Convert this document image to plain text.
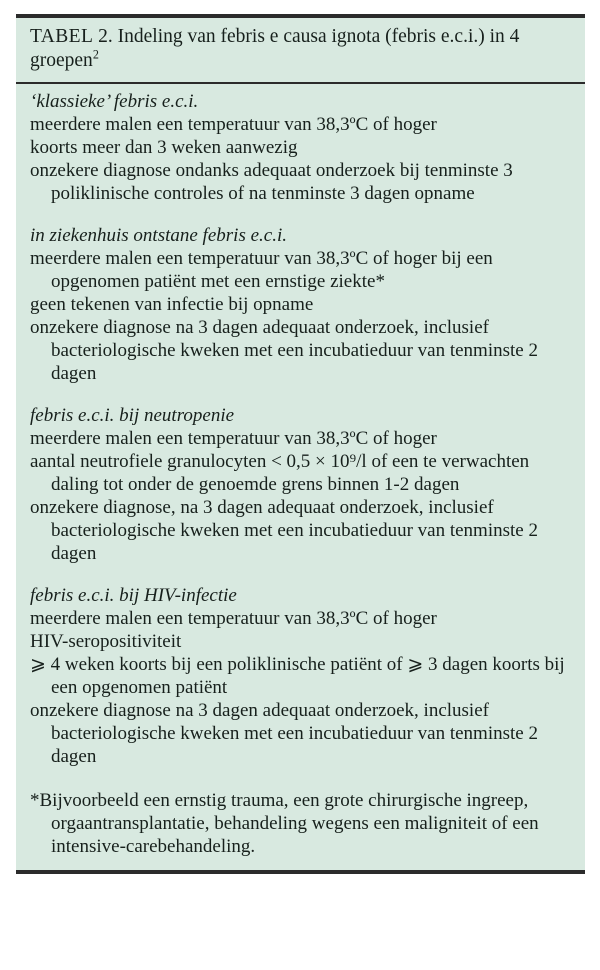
TABEL 2. Indeling van febris e causa ignota (febris e.c.i.) in 4 groepen$^2$
‘klassieke’ febris e.c.i.
meerdere malen een temperatuur van 38,3ºC of hoger
koorts meer dan 3 weken aanwezig
onzekere diagnose ondanks adequaat onderzoek bij tenminste 3 poliklinische controles of na tenminste 3 dagen opname
in ziekenhuis ontstane febris e.c.i.
meerdere malen een temperatuur van 38,3ºC of hoger bij een opgenomen patiënt met een ernstige ziekte*
geen tekenen van infectie bij opname
onzekere diagnose na 3 dagen adequaat onderzoek, inclusief bacteriologische kweken met een incubatieduur van tenminste 2 dagen
febris e.c.i. bij neutropenie
meerdere malen een temperatuur van 38,3ºC of hoger
aantal neutrofiele granulocyten < 0,5 × 10⁹/l of een te verwachten daling tot onder de genoemde grens binnen 1-2 dagen
onzekere diagnose, na 3 dagen adequaat onderzoek, inclusief bacteriologische kweken met een incubatieduur van tenminste 2 dagen
febris e.c.i. bij HIV-infectie
meerdere malen een temperatuur van 38,3ºC of hoger
HIV-seropositiviteit
⩾ 4 weken koorts bij een poliklinische patiënt of ⩾ 3 dagen koorts bij een opgenomen patiënt
onzekere diagnose na 3 dagen adequaat onderzoek, inclusief bacteriologische kweken met een incubatieduur van tenminste 2 dagen
*Bijvoorbeeld een ernstig trauma, een grote chirurgische ingreep, orgaantransplantatie, behandeling wegens een maligniteit of een intensive-carebehandeling.
